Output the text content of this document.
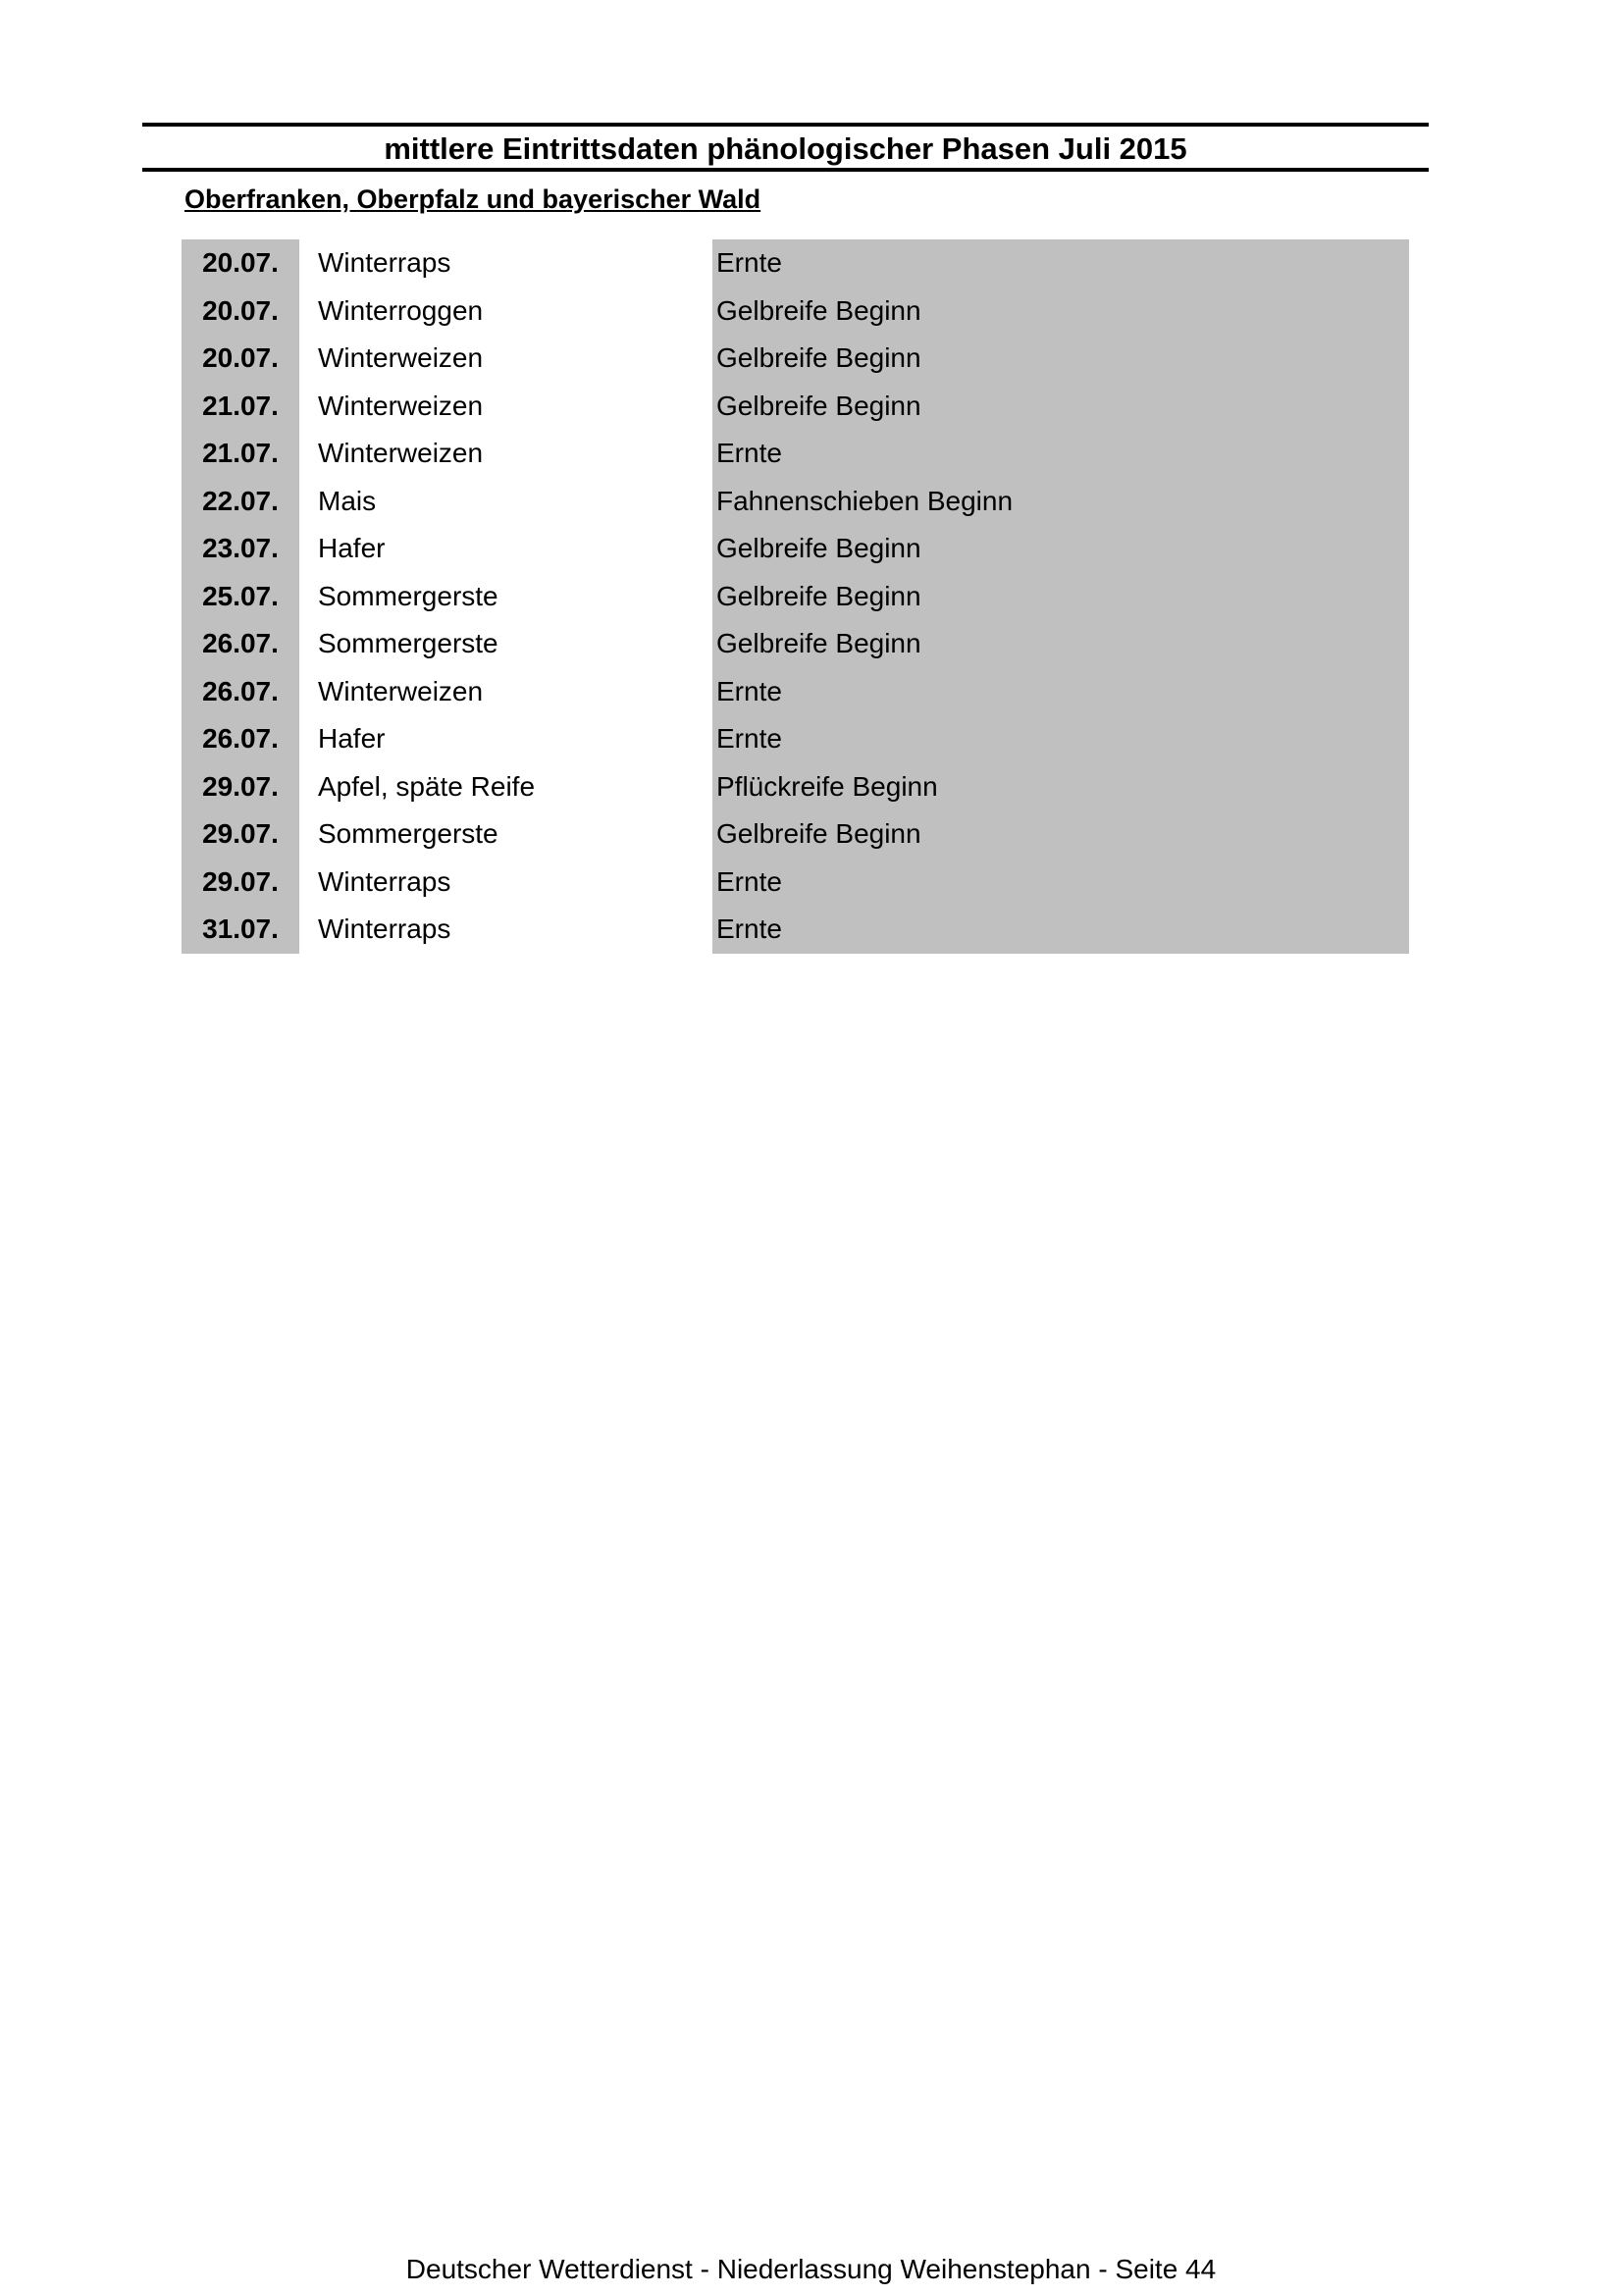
mittlere Eintrittsdaten phänologischer Phasen Juli 2015
Oberfranken, Oberpfalz und bayerischer Wald
20.07.	Winterraps	Ernte
20.07.	Winterroggen	Gelbreife Beginn
20.07.	Winterweizen	Gelbreife Beginn
21.07.	Winterweizen	Gelbreife Beginn
21.07.	Winterweizen	Ernte
22.07.	Mais	Fahnenschieben Beginn
23.07.	Hafer	Gelbreife Beginn
25.07.	Sommergerste	Gelbreife Beginn
26.07.	Sommergerste	Gelbreife Beginn
26.07.	Winterweizen	Ernte
26.07.	Hafer	Ernte
29.07.	Apfel, späte Reife	Pflückreife Beginn
29.07.	Sommergerste	Gelbreife Beginn
29.07.	Winterraps	Ernte
31.07.	Winterraps	Ernte
Deutscher Wetterdienst - Niederlassung Weihenstephan - Seite 44
